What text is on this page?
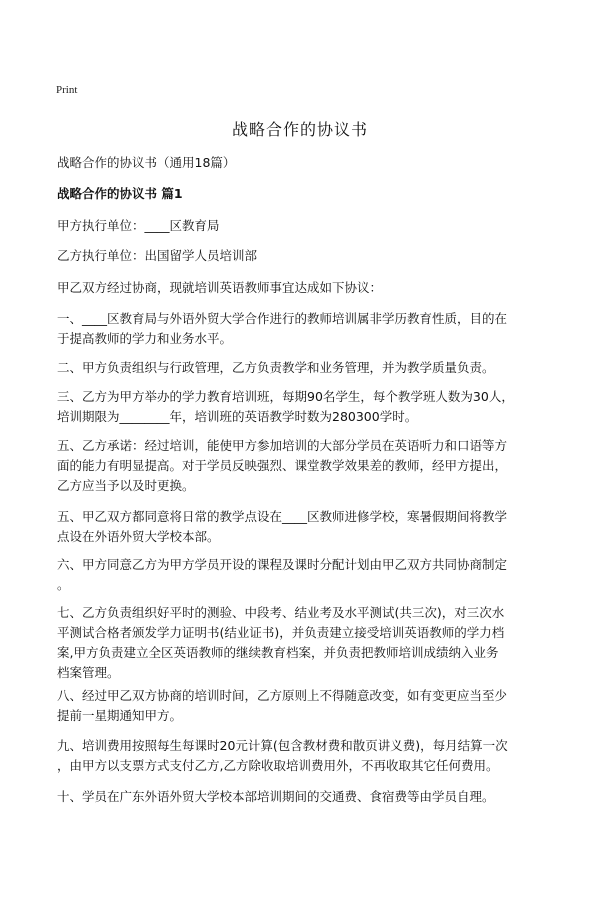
Print
战略合作的协议书
战略合作的协议书（通用18篇）
战略合作的协议书 篇1
甲方执行单位：____区教育局
乙方执行单位：出国留学人员培训部
甲乙双方经过协商，现就培训英语教师事宜达成如下协议：
一、____区教育局与外语外贸大学合作进行的教师培训属非学历教育性质，目的在
于提高教师的学力和业务水平。
二、甲方负责组织与行政管理，乙方负责教学和业务管理，并为教学质量负责。
三、乙方为甲方举办的学力教育培训班，每期90名学生，每个教学班人数为30人，
培训期限为________年，培训班的英语教学时数为280300学时。
五、乙方承诺：经过培训，能使甲方参加培训的大部分学员在英语听力和口语等方
面的能力有明显提高。对于学员反映强烈、课堂教学效果差的教师，经甲方提出，
乙方应当予以及时更换。
五、甲乙双方都同意将日常的教学点设在____区教师进修学校，寒暑假期间将教学
点设在外语外贸大学校本部。
六、甲方同意乙方为甲方学员开设的课程及课时分配计划由甲乙双方共同协商制定
。
七、乙方负责组织好平时的测验、中段考、结业考及水平测试(共三次)，对三次水
平测试合格者颁发学力证明书(结业证书)，并负责建立接受培训英语教师的学力档
案,甲方负责建立全区英语教师的继续教育档案，并负责把教师培训成绩纳入业务
档案管理。
八、经过甲乙双方协商的培训时间，乙方原则上不得随意改变，如有变更应当至少
提前一星期通知甲方。
九、培训费用按照每生每课时20元计算(包含教材费和散页讲义费)，每月结算一次
，由甲方以支票方式支付乙方,乙方除收取培训费用外，不再收取其它任何费用。
十、学员在广东外语外贸大学校本部培训期间的交通费、食宿费等由学员自理。
